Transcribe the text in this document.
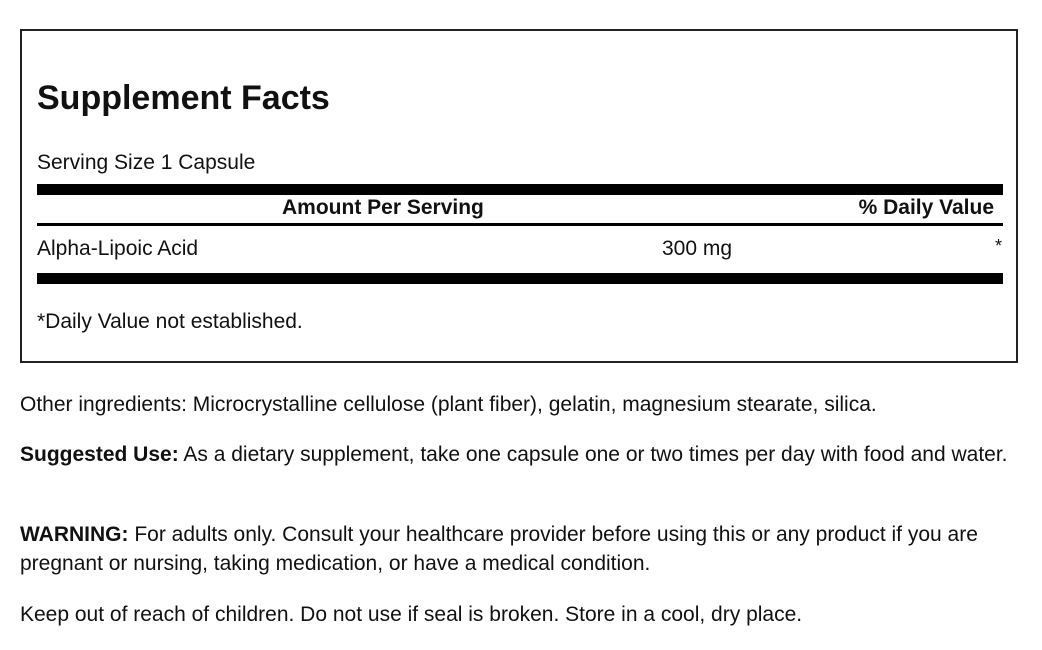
Supplement Facts
Serving Size 1 Capsule
Amount Per Serving	% Daily Value
Alpha-Lipoic Acid	300 mg	*
*Daily Value not established.

Other ingredients: Microcrystalline cellulose (plant fiber), gelatin, magnesium stearate, silica.

Suggested Use: As a dietary supplement, take one capsule one or two times per day with food and water.

WARNING: For adults only. Consult your healthcare provider before using this or any product if you are pregnant or nursing, taking medication, or have a medical condition.

Keep out of reach of children. Do not use if seal is broken. Store in a cool, dry place.
